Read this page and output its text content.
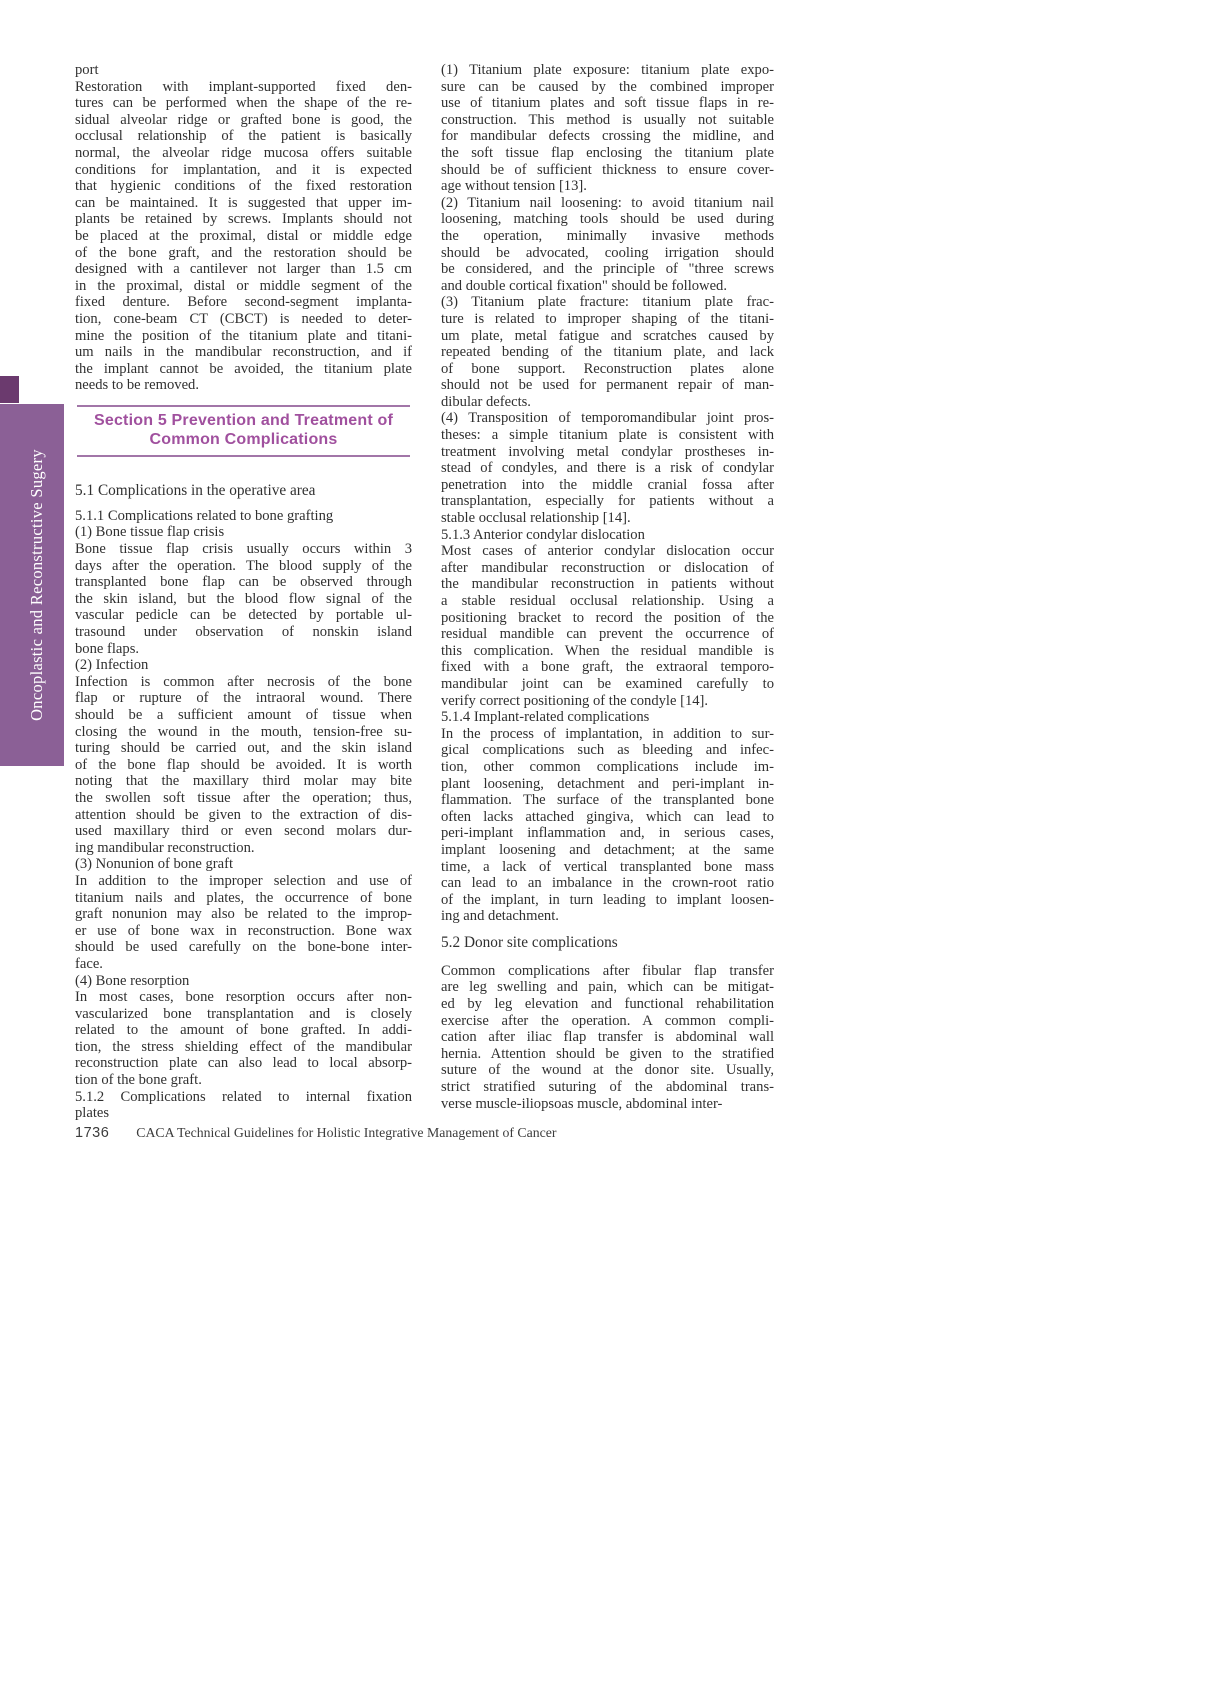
Oncoplastic and Reconstructive Sugery
port
Restoration with implant-supported fixed den-
tures can be performed when the shape of the re-
sidual alveolar ridge or grafted bone is good, the
occlusal relationship of the patient is basically
normal, the alveolar ridge mucosa offers suitable
conditions for implantation, and it is expected
that hygienic conditions of the fixed restoration
can be maintained. It is suggested that upper im-
plants be retained by screws. Implants should not
be placed at the proximal, distal or middle edge
of the bone graft, and the restoration should be
designed with a cantilever not larger than 1.5 cm
in the proximal, distal or middle segment of the
fixed denture. Before second-segment implanta-
tion, cone-beam CT (CBCT) is needed to deter-
mine the position of the titanium plate and titani-
um nails in the mandibular reconstruction, and if
the implant cannot be avoided, the titanium plate
needs to be removed.
Section 5 Prevention and Treatment of
Common Complications
5.1 Complications in the operative area
5.1.1 Complications related to bone grafting
(1) Bone tissue flap crisis
Bone tissue flap crisis usually occurs within 3
days after the operation. The blood supply of the
transplanted bone flap can be observed through
the skin island, but the blood flow signal of the
vascular pedicle can be detected by portable ul-
trasound under observation of nonskin island
bone flaps.
(2) Infection
Infection is common after necrosis of the bone
flap or rupture of the intraoral wound. There
should be a sufficient amount of tissue when
closing the wound in the mouth, tension-free su-
turing should be carried out, and the skin island
of the bone flap should be avoided. It is worth
noting that the maxillary third molar may bite
the swollen soft tissue after the operation; thus,
attention should be given to the extraction of dis-
used maxillary third or even second molars dur-
ing mandibular reconstruction.
(3) Nonunion of bone graft
In addition to the improper selection and use of
titanium nails and plates, the occurrence of bone
graft nonunion may also be related to the improp-
er use of bone wax in reconstruction. Bone wax
should be used carefully on the bone-bone inter-
face.
(4) Bone resorption
In most cases, bone resorption occurs after non-
vascularized bone transplantation and is closely
related to the amount of bone grafted. In addi-
tion, the stress shielding effect of the mandibular
reconstruction plate can also lead to local absorp-
tion of the bone graft.
5.1.2 Complications related to internal fixation
plates
(1) Titanium plate exposure: titanium plate expo-
sure can be caused by the combined improper
use of titanium plates and soft tissue flaps in re-
construction. This method is usually not suitable
for mandibular defects crossing the midline, and
the soft tissue flap enclosing the titanium plate
should be of sufficient thickness to ensure cover-
age without tension [13].
(2) Titanium nail loosening: to avoid titanium nail
loosening, matching tools should be used during
the operation, minimally invasive methods
should be advocated, cooling irrigation should
be considered, and the principle of "three screws
and double cortical fixation" should be followed.
(3) Titanium plate fracture: titanium plate frac-
ture is related to improper shaping of the titani-
um plate, metal fatigue and scratches caused by
repeated bending of the titanium plate, and lack
of bone support. Reconstruction plates alone
should not be used for permanent repair of man-
dibular defects.
(4) Transposition of temporomandibular joint pros-
theses: a simple titanium plate is consistent with
treatment involving metal condylar prostheses in-
stead of condyles, and there is a risk of condylar
penetration into the middle cranial fossa after
transplantation, especially for patients without a
stable occlusal relationship [14].
5.1.3 Anterior condylar dislocation
Most cases of anterior condylar dislocation occur
after mandibular reconstruction or dislocation of
the mandibular reconstruction in patients without
a stable residual occlusal relationship. Using a
positioning bracket to record the position of the
residual mandible can prevent the occurrence of
this complication. When the residual mandible is
fixed with a bone graft, the extraoral temporo-
mandibular joint can be examined carefully to
verify correct positioning of the condyle [14].
5.1.4 Implant-related complications
In the process of implantation, in addition to sur-
gical complications such as bleeding and infec-
tion, other common complications include im-
plant loosening, detachment and peri-implant in-
flammation. The surface of the transplanted bone
often lacks attached gingiva, which can lead to
peri-implant inflammation and, in serious cases,
implant loosening and detachment; at the same
time, a lack of vertical transplanted bone mass
can lead to an imbalance in the crown-root ratio
of the implant, in turn leading to implant loosen-
ing and detachment.
5.2 Donor site complications
Common complications after fibular flap transfer
are leg swelling and pain, which can be mitigat-
ed by leg elevation and functional rehabilitation
exercise after the operation. A common compli-
cation after iliac flap transfer is abdominal wall
hernia. Attention should be given to the stratified
suture of the wound at the donor site. Usually,
strict stratified suturing of the abdominal trans-
verse muscle-iliopsoas muscle, abdominal inter-
1736 CACA Technical Guidelines for Holistic Integrative Management of Cancer
